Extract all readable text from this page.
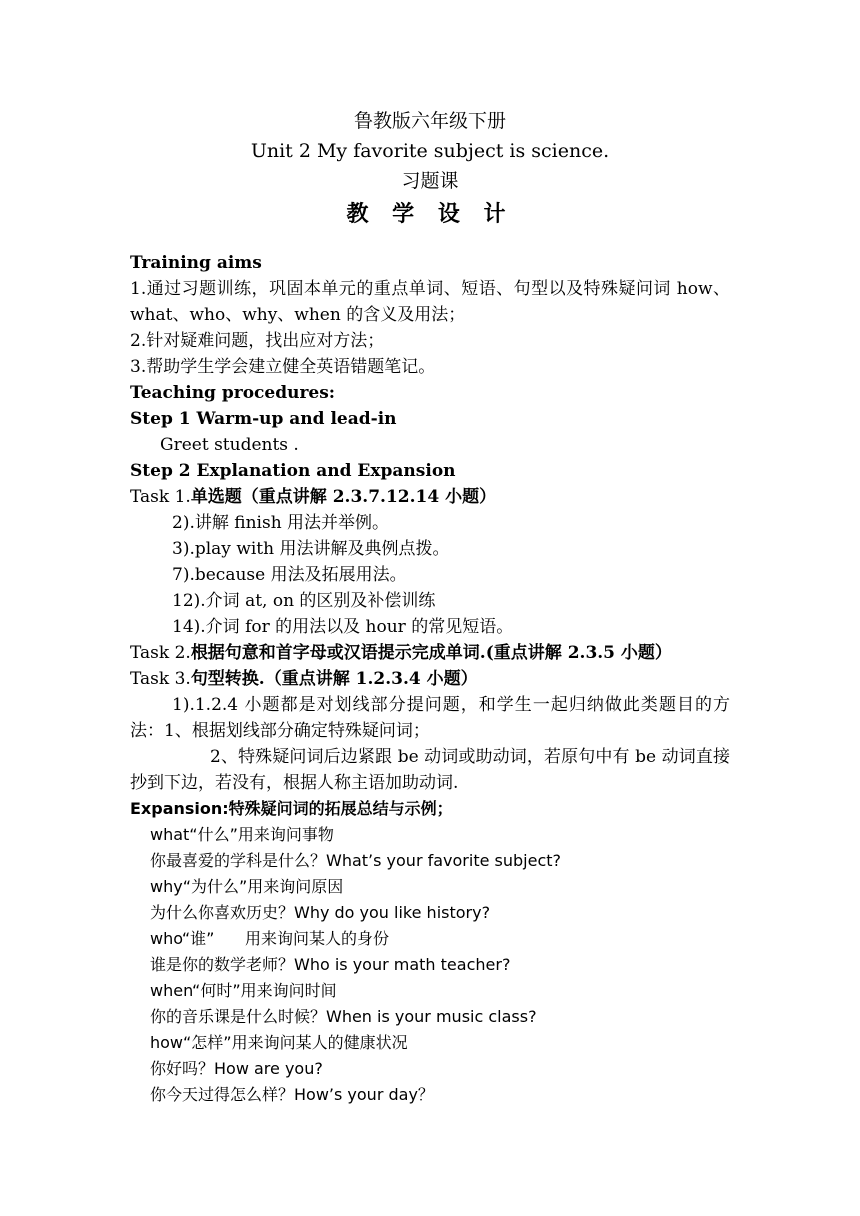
鲁教版六年级下册
Unit 2 My favorite subject is science.
习题课
教 学 设 计
Training aims
1.通过习题训练，巩固本单元的重点单词、短语、句型以及特殊疑问词 how、what、who、why、when 的含义及用法；
2.针对疑难问题，找出应对方法；
3.帮助学生学会建立健全英语错题笔记。
Teaching procedures:
Step 1 Warm-up and lead-in
Greet students .
Step 2 Explanation and Expansion
Task 1.单选题（重点讲解 2.3.7.12.14 小题）
2).讲解 finish 用法并举例。
3).play with 用法讲解及典例点拨。
7).because 用法及拓展用法。
12).介词 at, on 的区别及补偿训练
14).介词 for 的用法以及 hour 的常见短语。
Task 2.根据句意和首字母或汉语提示完成单词.(重点讲解 2.3.5 小题）
Task 3.句型转换.（重点讲解 1.2.3.4 小题）
1).1.2.4 小题都是对划线部分提问题，和学生一起归纳做此类题目的方法：1、根据划线部分确定特殊疑问词；
2、特殊疑问词后边紧跟 be 动词或助动词，若原句中有 be 动词直接抄到下边，若没有，根据人称主语加助动词.
Expansion:特殊疑问词的拓展总结与示例；
what“什么”用来询问事物
你最喜爱的学科是什么？What’s your favorite subject?
why“为什么”用来询问原因
为什么你喜欢历史？Why do you like history?
who“谁”      用来询问某人的身份
谁是你的数学老师？Who is your math teacher?
when“何时”用来询问时间
你的音乐课是什么时候？When is your music class?
how“怎样”用来询问某人的健康状况
你好吗？How are you?
你今天过得怎么样？How’s your day？
